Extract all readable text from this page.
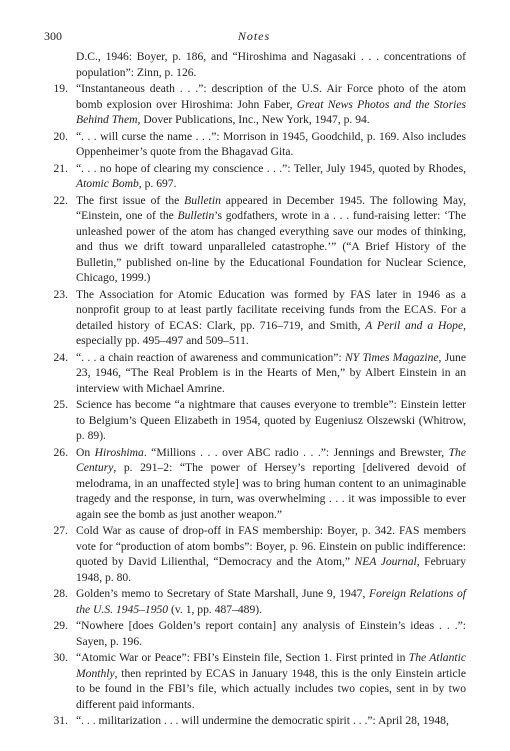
300	Notes
D.C., 1946: Boyer, p. 186, and “Hiroshima and Nagasaki . . . concentrations of population”: Zinn, p. 126.
19. “Instantaneous death . . .”: description of the U.S. Air Force photo of the atom bomb explosion over Hiroshima: John Faber, Great News Photos and the Stories Behind Them, Dover Publications, Inc., New York, 1947, p. 94.
20. “. . . will curse the name . . .”: Morrison in 1945, Goodchild, p. 169. Also includes Oppenheimer’s quote from the Bhagavad Gita.
21. “. . . no hope of clearing my conscience . . .”: Teller, July 1945, quoted by Rhodes, Atomic Bomb, p. 697.
22. The first issue of the Bulletin appeared in December 1945. The following May, “Einstein, one of the Bulletin’s godfathers, wrote in a . . . fund-raising letter: ‘The unleashed power of the atom has changed everything save our modes of thinking, and thus we drift toward unparalleled catastrophe.’” (“A Brief History of the Bulletin,” published on-line by the Educational Foundation for Nuclear Science, Chicago, 1999.)
23. The Association for Atomic Education was formed by FAS later in 1946 as a nonprofit group to at least partly facilitate receiving funds from the ECAS. For a detailed history of ECAS: Clark, pp. 716–719, and Smith, A Peril and a Hope, especially pp. 495–497 and 509–511.
24. “. . . a chain reaction of awareness and communication”: NY Times Magazine, June 23, 1946, “The Real Problem is in the Hearts of Men,” by Albert Einstein in an interview with Michael Amrine.
25. Science has become “a nightmare that causes everyone to tremble”: Einstein letter to Belgium’s Queen Elizabeth in 1954, quoted by Eugeniusz Olszewski (Whitrow, p. 89).
26. On Hiroshima. “Millions . . . over ABC radio . . .”: Jennings and Brewster, The Century, p. 291–2: “The power of Hersey’s reporting [delivered devoid of melodrama, in an unaffected style] was to bring human content to an unimaginable tragedy and the response, in turn, was overwhelming . . . it was impossible to ever again see the bomb as just another weapon.”
27. Cold War as cause of drop-off in FAS membership: Boyer, p. 342. FAS members vote for “production of atom bombs”: Boyer, p. 96. Einstein on public indifference: quoted by David Lilienthal, “Democracy and the Atom,” NEA Journal, February 1948, p. 80.
28. Golden’s memo to Secretary of State Marshall, June 9, 1947, Foreign Relations of the U.S. 1945–1950 (v. 1, pp. 487–489).
29. “Nowhere [does Golden’s report contain] any analysis of Einstein’s ideas . . .”: Sayen, p. 196.
30. “Atomic War or Peace”: FBI’s Einstein file, Section 1. First printed in The Atlantic Monthly, then reprinted by ECAS in January 1948, this is the only Einstein article to be found in the FBI’s file, which actually includes two copies, sent in by two different paid informants.
31. “. . . militarization . . . will undermine the democratic spirit . . .”: April 28, 1948,
